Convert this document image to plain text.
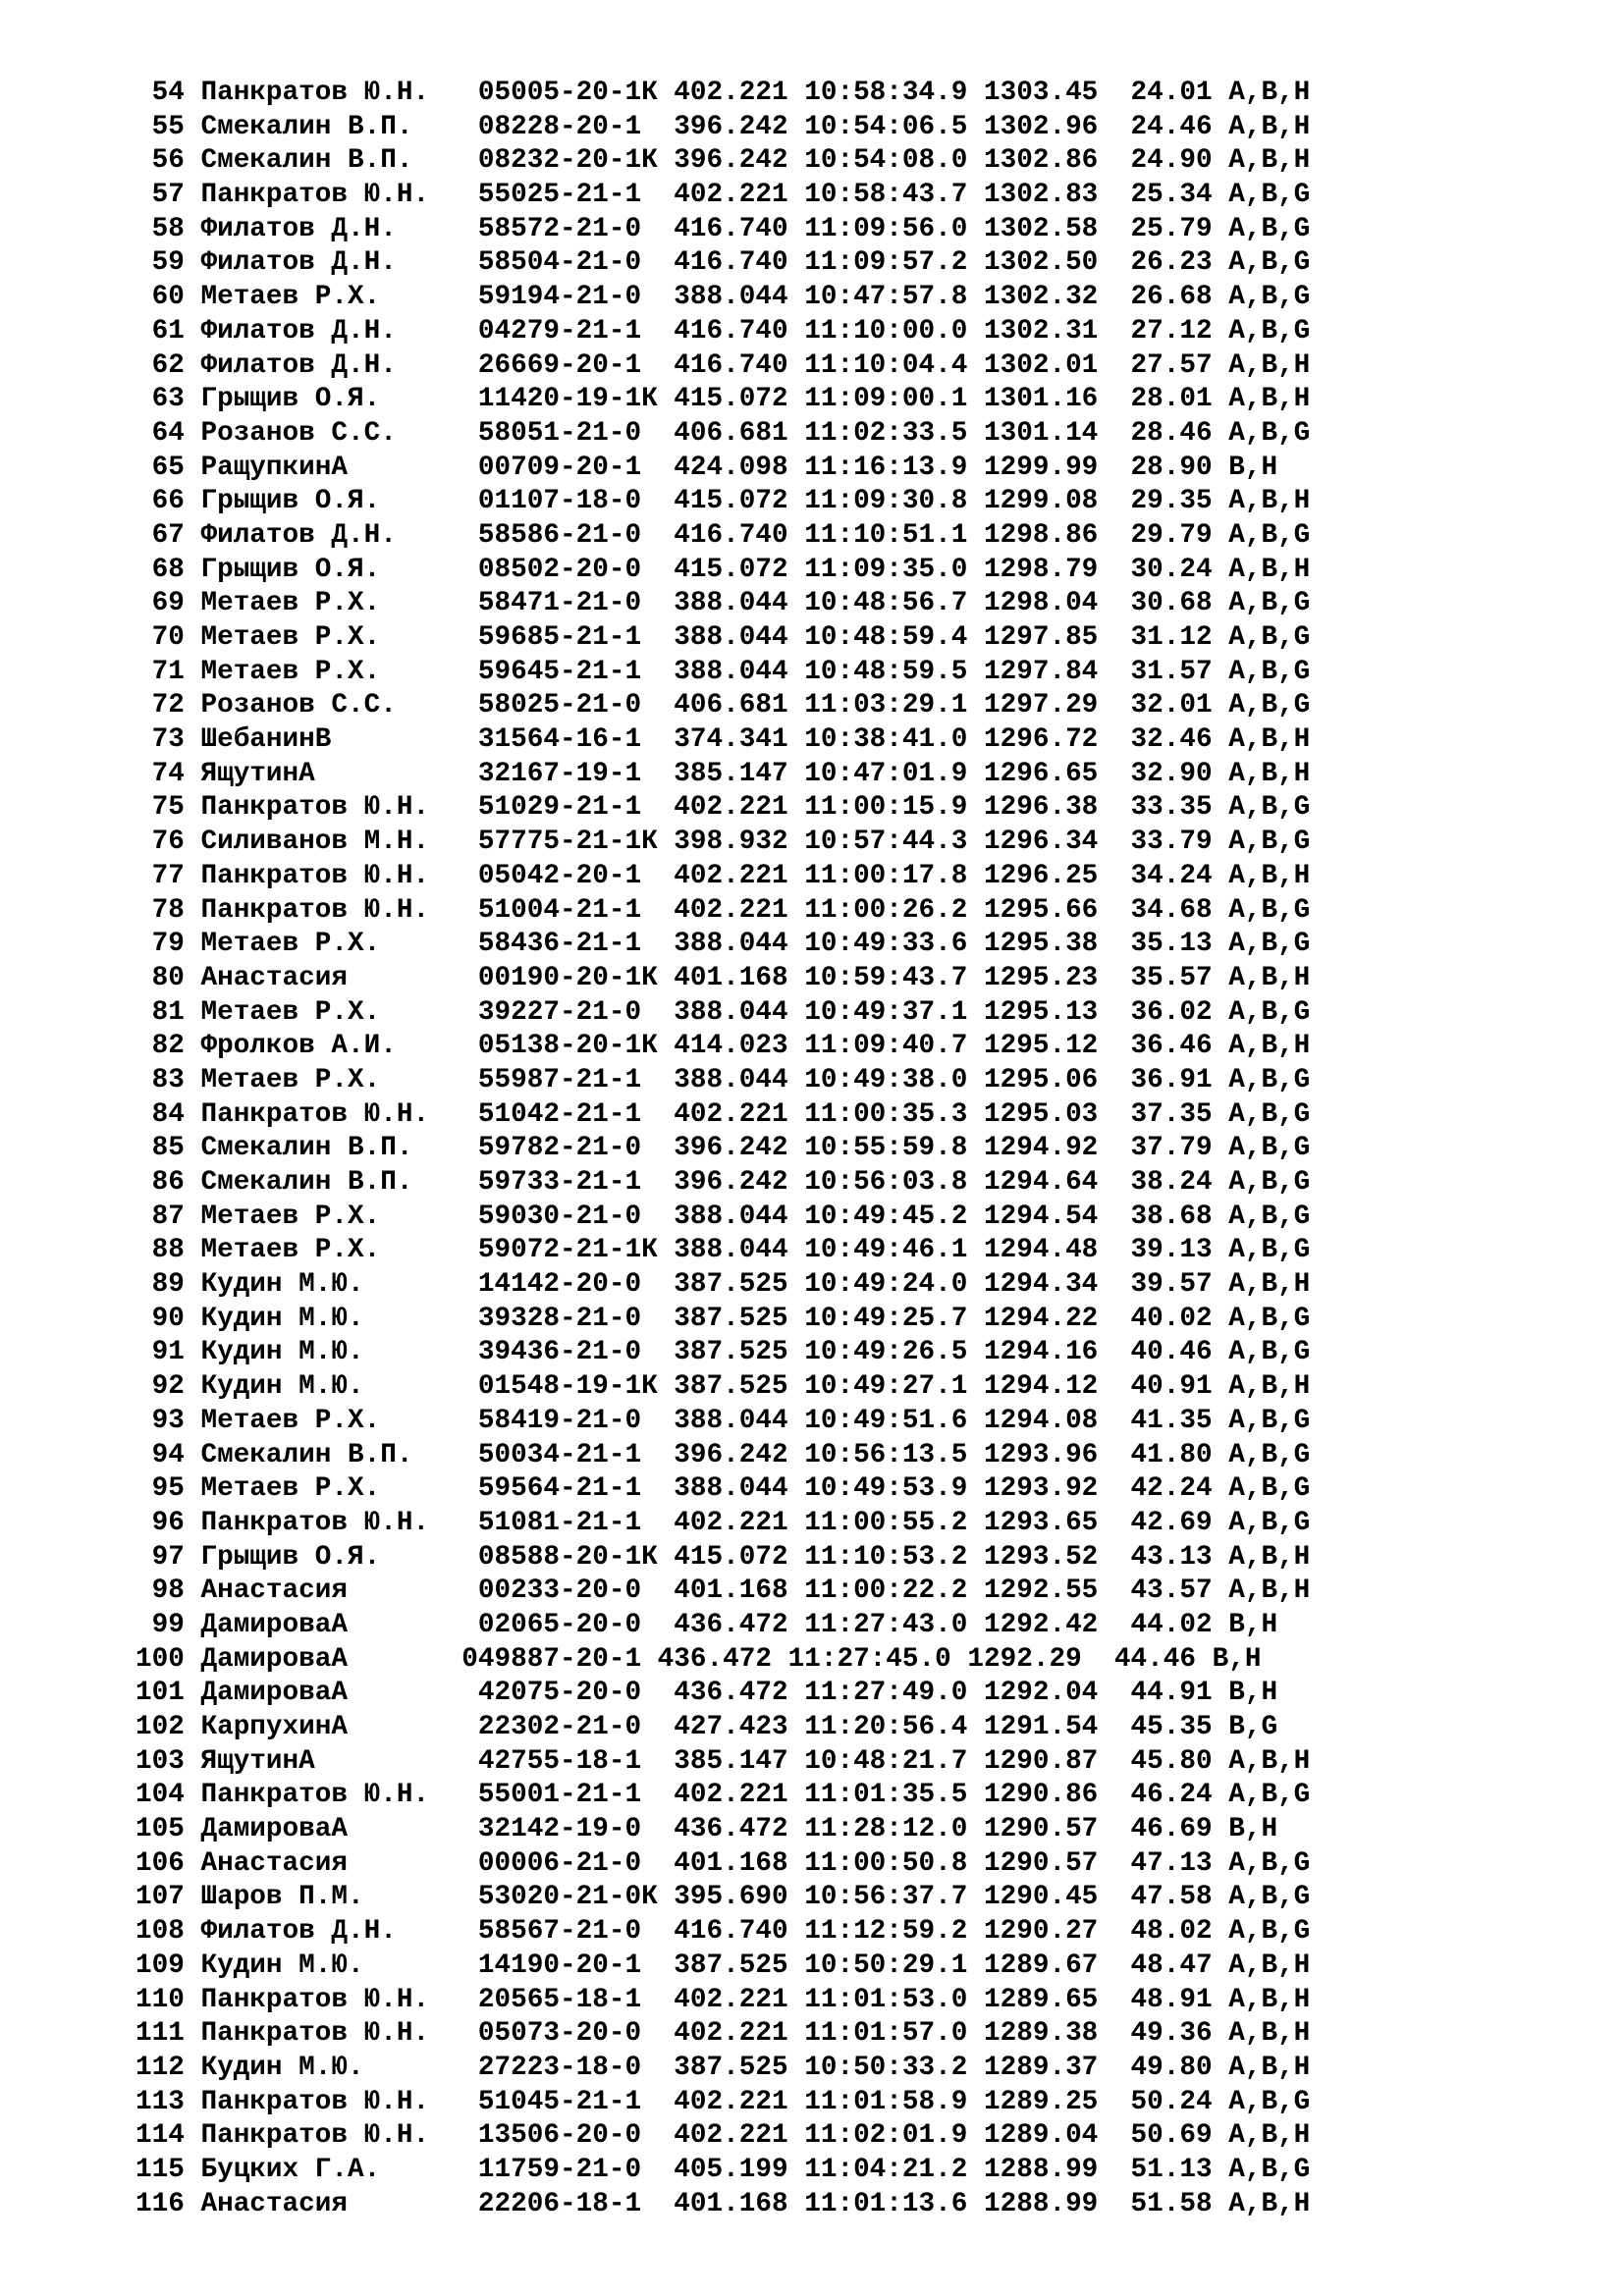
54 Панкратов Ю.Н.   05005-20-1К 402.221 10:58:34.9 1303.45  24.01 A,B,H
55 Смекалин В.П.    08228-20-1  396.242 10:54:06.5 1302.96  24.46 A,B,H
56 Смекалин В.П.    08232-20-1К 396.242 10:54:08.0 1302.86  24.90 A,B,H
57 Панкратов Ю.Н.   55025-21-1  402.221 10:58:43.7 1302.83  25.34 A,B,G
58 Филатов Д.Н.     58572-21-0  416.740 11:09:56.0 1302.58  25.79 A,B,G
59 Филатов Д.Н.     58504-21-0  416.740 11:09:57.2 1302.50  26.23 A,B,G
60 Метаев Р.Х.      59194-21-0  388.044 10:47:57.8 1302.32  26.68 A,B,G
61 Филатов Д.Н.     04279-21-1  416.740 11:10:00.0 1302.31  27.12 A,B,G
62 Филатов Д.Н.     26669-20-1  416.740 11:10:04.4 1302.01  27.57 A,B,H
63 Грыщив О.Я.      11420-19-1К 415.072 11:09:00.1 1301.16  28.01 A,B,H
64 Розанов С.С.     58051-21-0  406.681 11:02:33.5 1301.14  28.46 A,B,G
65 РащупкинА        00709-20-1  424.098 11:16:13.9 1299.99  28.90 B,H
66 Грыщив О.Я.      01107-18-0  415.072 11:09:30.8 1299.08  29.35 A,B,H
67 Филатов Д.Н.     58586-21-0  416.740 11:10:51.1 1298.86  29.79 A,B,G
68 Грыщив О.Я.      08502-20-0  415.072 11:09:35.0 1298.79  30.24 A,B,H
69 Метаев Р.Х.      58471-21-0  388.044 10:48:56.7 1298.04  30.68 A,B,G
70 Метаев Р.Х.      59685-21-1  388.044 10:48:59.4 1297.85  31.12 A,B,G
71 Метаев Р.Х.      59645-21-1  388.044 10:48:59.5 1297.84  31.57 A,B,G
72 Розанов С.С.     58025-21-0  406.681 11:03:29.1 1297.29  32.01 A,B,G
73 ШебанинВ         31564-16-1  374.341 10:38:41.0 1296.72  32.46 A,B,H
74 ЯщутинА          32167-19-1  385.147 10:47:01.9 1296.65  32.90 A,B,H
75 Панкратов Ю.Н.   51029-21-1  402.221 11:00:15.9 1296.38  33.35 A,B,G
76 Силиванов М.Н.   57775-21-1К 398.932 10:57:44.3 1296.34  33.79 A,B,G
77 Панкратов Ю.Н.   05042-20-1  402.221 11:00:17.8 1296.25  34.24 A,B,H
78 Панкратов Ю.Н.   51004-21-1  402.221 11:00:26.2 1295.66  34.68 A,B,G
79 Метаев Р.Х.      58436-21-1  388.044 10:49:33.6 1295.38  35.13 A,B,G
80 Анастасия        00190-20-1К 401.168 10:59:43.7 1295.23  35.57 A,B,H
81 Метаев Р.Х.      39227-21-0  388.044 10:49:37.1 1295.13  36.02 A,B,G
82 Фролков А.И.     05138-20-1К 414.023 11:09:40.7 1295.12  36.46 A,B,H
83 Метаев Р.Х.      55987-21-1  388.044 10:49:38.0 1295.06  36.91 A,B,G
84 Панкратов Ю.Н.   51042-21-1  402.221 11:00:35.3 1295.03  37.35 A,B,G
85 Смекалин В.П.    59782-21-0  396.242 10:55:59.8 1294.92  37.79 A,B,G
86 Смекалин В.П.    59733-21-1  396.242 10:56:03.8 1294.64  38.24 A,B,G
87 Метаев Р.Х.      59030-21-0  388.044 10:49:45.2 1294.54  38.68 A,B,G
88 Метаев Р.Х.      59072-21-1К 388.044 10:49:46.1 1294.48  39.13 A,B,G
89 Кудин М.Ю.       14142-20-0  387.525 10:49:24.0 1294.34  39.57 A,B,H
90 Кудин М.Ю.       39328-21-0  387.525 10:49:25.7 1294.22  40.02 A,B,G
91 Кудин М.Ю.       39436-21-0  387.525 10:49:26.5 1294.16  40.46 A,B,G
92 Кудин М.Ю.       01548-19-1К 387.525 10:49:27.1 1294.12  40.91 A,B,H
93 Метаев Р.Х.      58419-21-0  388.044 10:49:51.6 1294.08  41.35 A,B,G
94 Смекалин В.П.    50034-21-1  396.242 10:56:13.5 1293.96  41.80 A,B,G
95 Метаев Р.Х.      59564-21-1  388.044 10:49:53.9 1293.92  42.24 A,B,G
96 Панкратов Ю.Н.   51081-21-1  402.221 11:00:55.2 1293.65  42.69 A,B,G
97 Грыщив О.Я.      08588-20-1К 415.072 11:10:53.2 1293.52  43.13 A,B,H
98 Анастасия        00233-20-0  401.168 11:00:22.2 1292.55  43.57 A,B,H
99 ДамироваА        02065-20-0  436.472 11:27:43.0 1292.42  44.02 B,H
100 ДамироваА       049887-20-1 436.472 11:27:45.0 1292.29  44.46 B,H
101 ДамироваА        42075-20-0  436.472 11:27:49.0 1292.04  44.91 B,H
102 КарпухинА        22302-21-0  427.423 11:20:56.4 1291.54  45.35 B,G
103 ЯщутинА          42755-18-1  385.147 10:48:21.7 1290.87  45.80 A,B,H
104 Панкратов Ю.Н.   55001-21-1  402.221 11:01:35.5 1290.86  46.24 A,B,G
105 ДамироваА        32142-19-0  436.472 11:28:12.0 1290.57  46.69 B,H
106 Анастасия        00006-21-0  401.168 11:00:50.8 1290.57  47.13 A,B,G
107 Шаров П.М.       53020-21-0К 395.690 10:56:37.7 1290.45  47.58 A,B,G
108 Филатов Д.Н.     58567-21-0  416.740 11:12:59.2 1290.27  48.02 A,B,G
109 Кудин М.Ю.       14190-20-1  387.525 10:50:29.1 1289.67  48.47 A,B,H
110 Панкратов Ю.Н.   20565-18-1  402.221 11:01:53.0 1289.65  48.91 A,B,H
111 Панкратов Ю.Н.   05073-20-0  402.221 11:01:57.0 1289.38  49.36 A,B,H
112 Кудин М.Ю.       27223-18-0  387.525 10:50:33.2 1289.37  49.80 A,B,H
113 Панкратов Ю.Н.   51045-21-1  402.221 11:01:58.9 1289.25  50.24 A,B,G
114 Панкратов Ю.Н.   13506-20-0  402.221 11:02:01.9 1289.04  50.69 A,B,H
115 Буцких Г.А.      11759-21-0  405.199 11:04:21.2 1288.99  51.13 A,B,G
116 Анастасия        22206-18-1  401.168 11:01:13.6 1288.99  51.58 A,B,H
